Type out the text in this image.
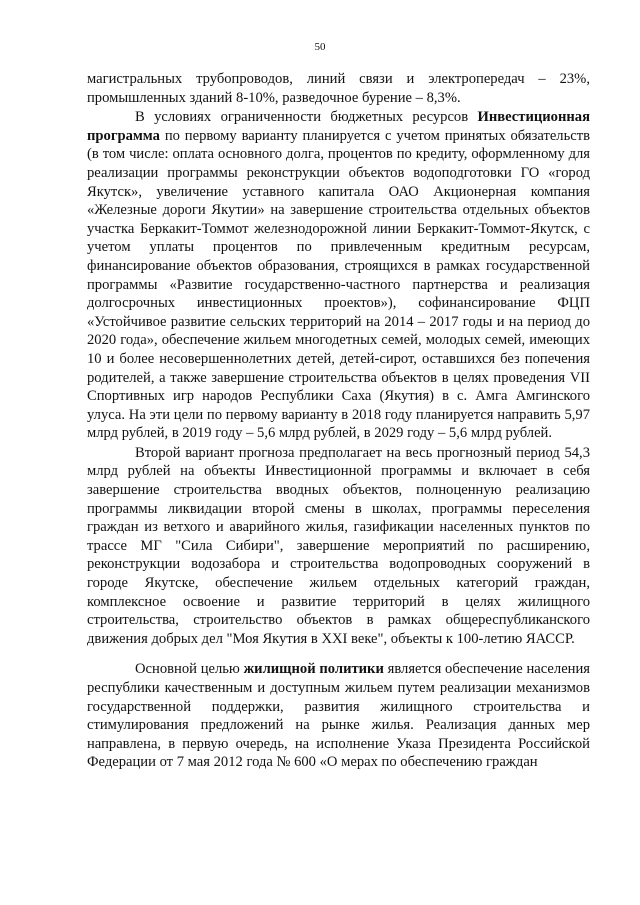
50

магистральных трубопроводов, линий связи и электропередач – 23%, промышленных зданий 8-10%, разведочное бурение – 8,3%.

В условиях ограниченности бюджетных ресурсов Инвестиционная программа по первому варианту планируется с учетом принятых обязательств (в том числе: оплата основного долга, процентов по кредиту, оформленному для реализации программы реконструкции объектов водоподготовки ГО «город Якутск», увеличение уставного капитала ОАО Акционерная компания «Железные дороги Якутии» на завершение строительства отдельных объектов участка Беркакит-Томмот железнодорожной линии Беркакит-Томмот-Якутск, с учетом уплаты процентов по привлеченным кредитным ресурсам, финансирование объектов образования, строящихся в рамках государственной программы «Развитие государственно-частного партнерства и реализация долгосрочных инвестиционных проектов»), софинансирование ФЦП «Устойчивое развитие сельских территорий на 2014 – 2017 годы и на период до 2020 года», обеспечение жильем многодетных семей, молодых семей, имеющих 10 и более несовершеннолетних детей, детей-сирот, оставшихся без попечения родителей, а также завершение строительства объектов в целях проведения VII Спортивных игр народов Республики Саха (Якутия) в с. Амга Амгинского улуса. На эти цели по первому варианту в 2018 году планируется направить 5,97 млрд рублей, в 2019 году – 5,6 млрд рублей, в 2029 году – 5,6 млрд рублей.

Второй вариант прогноза предполагает на весь прогнозный период 54,3 млрд рублей на объекты Инвестиционной программы и включает в себя завершение строительства вводных объектов, полноценную реализацию программы ликвидации второй смены в школах, программы переселения граждан из ветхого и аварийного жилья, газификации населенных пунктов по трассе МГ "Сила Сибири", завершение мероприятий по расширению, реконструкции водозабора и строительства водопроводных сооружений в городе Якутске, обеспечение жильем отдельных категорий граждан, комплексное освоение и развитие территорий в целях жилищного строительства, строительство объектов в рамках общереспубликанского движения добрых дел "Моя Якутия в XXI веке", объекты к 100-летию ЯАССР.

Основной целью жилищной политики является обеспечение населения республики качественным и доступным жильем путем реализации механизмов государственной поддержки, развития жилищного строительства и стимулирования предложений на рынке жилья. Реализация данных мер направлена, в первую очередь, на исполнение Указа Президента Российской Федерации от 7 мая 2012 года № 600 «О мерах по обеспечению граждан
